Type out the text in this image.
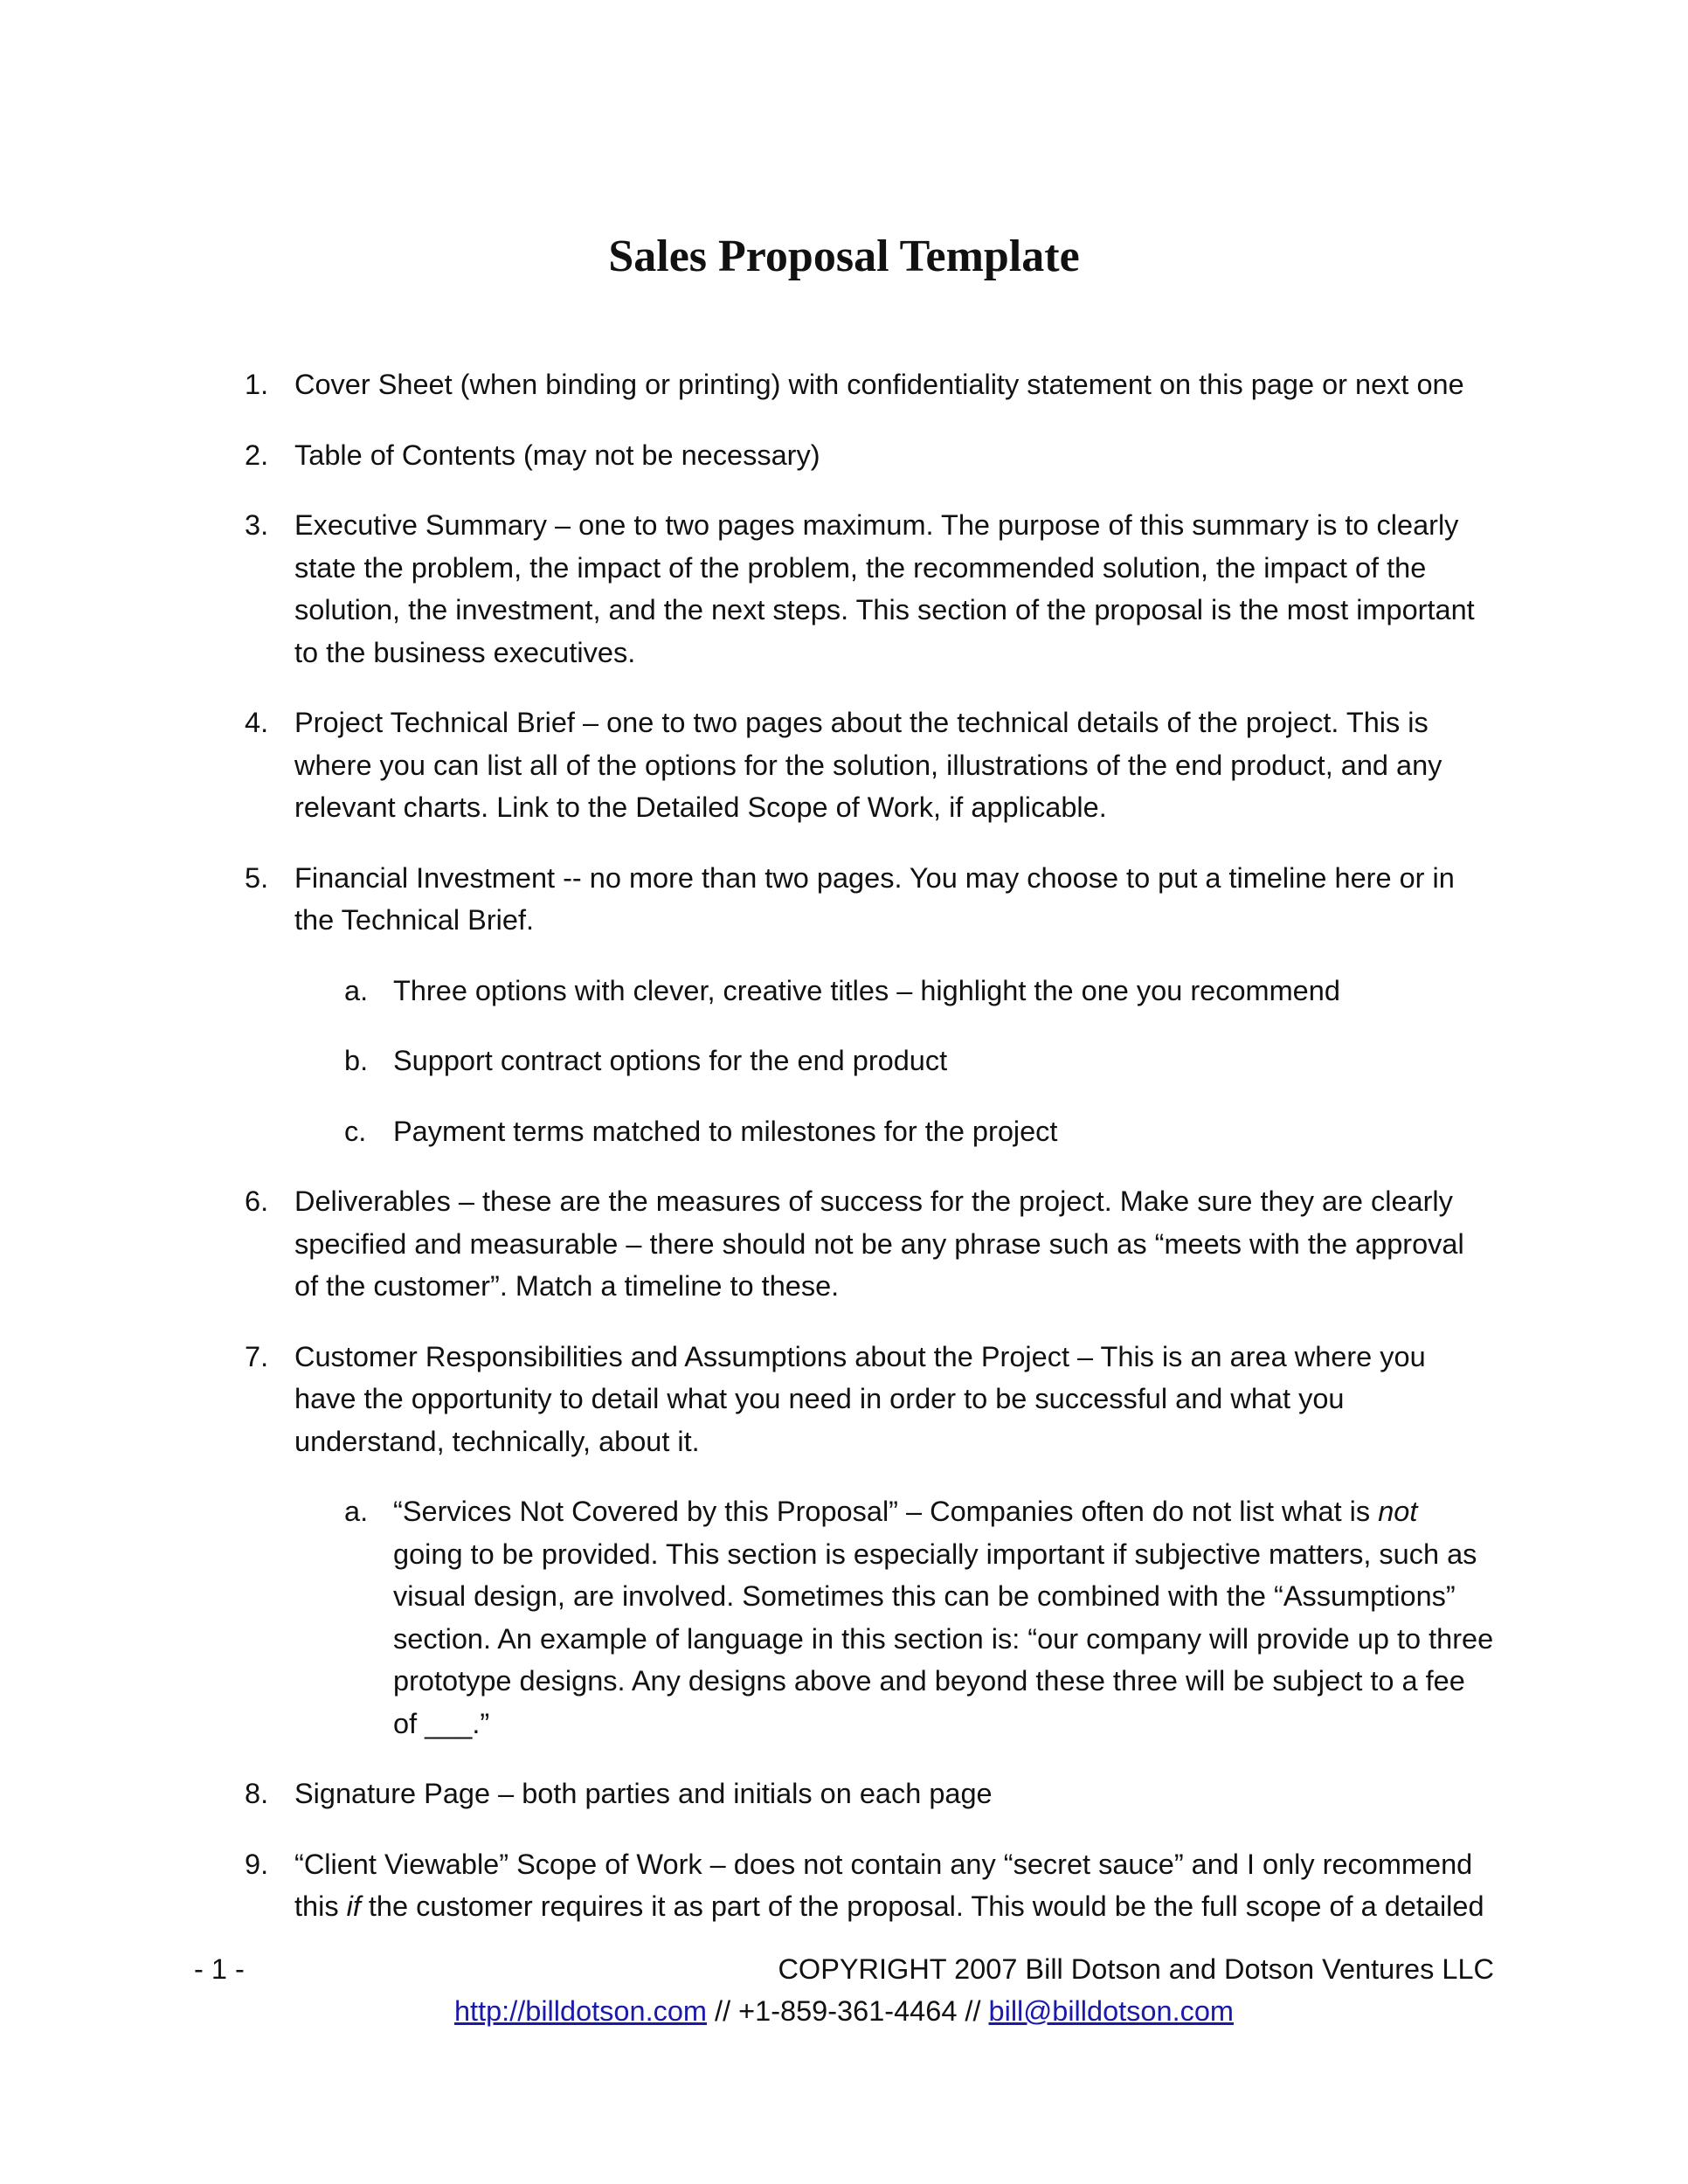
Sales Proposal Template
1. Cover Sheet (when binding or printing) with confidentiality statement on this page or next one
2. Table of Contents (may not be necessary)
3. Executive Summary – one to two pages maximum. The purpose of this summary is to clearly state the problem, the impact of the problem, the recommended solution, the impact of the solution, the investment, and the next steps. This section of the proposal is the most important to the business executives.
4. Project Technical Brief – one to two pages about the technical details of the project. This is where you can list all of the options for the solution, illustrations of the end product, and any relevant charts. Link to the Detailed Scope of Work, if applicable.
5. Financial Investment -- no more than two pages. You may choose to put a timeline here or in the Technical Brief.
a. Three options with clever, creative titles – highlight the one you recommend
b. Support contract options for the end product
c. Payment terms matched to milestones for the project
6. Deliverables – these are the measures of success for the project. Make sure they are clearly specified and measurable – there should not be any phrase such as “meets with the approval of the customer”. Match a timeline to these.
7. Customer Responsibilities and Assumptions about the Project – This is an area where you have the opportunity to detail what you need in order to be successful and what you understand, technically, about it.
a. “Services Not Covered by this Proposal” – Companies often do not list what is not going to be provided. This section is especially important if subjective matters, such as visual design, are involved. Sometimes this can be combined with the “Assumptions” section. An example of language in this section is: “our company will provide up to three prototype designs. Any designs above and beyond these three will be subject to a fee of ___.”
8. Signature Page – both parties and initials on each page
9. “Client Viewable” Scope of Work – does not contain any “secret sauce” and I only recommend this if the customer requires it as part of the proposal. This would be the full scope of a detailed
- 1 -	COPYRIGHT 2007 Bill Dotson and Dotson Ventures LLC
http://billdotson.com // +1-859-361-4464 // bill@billdotson.com
